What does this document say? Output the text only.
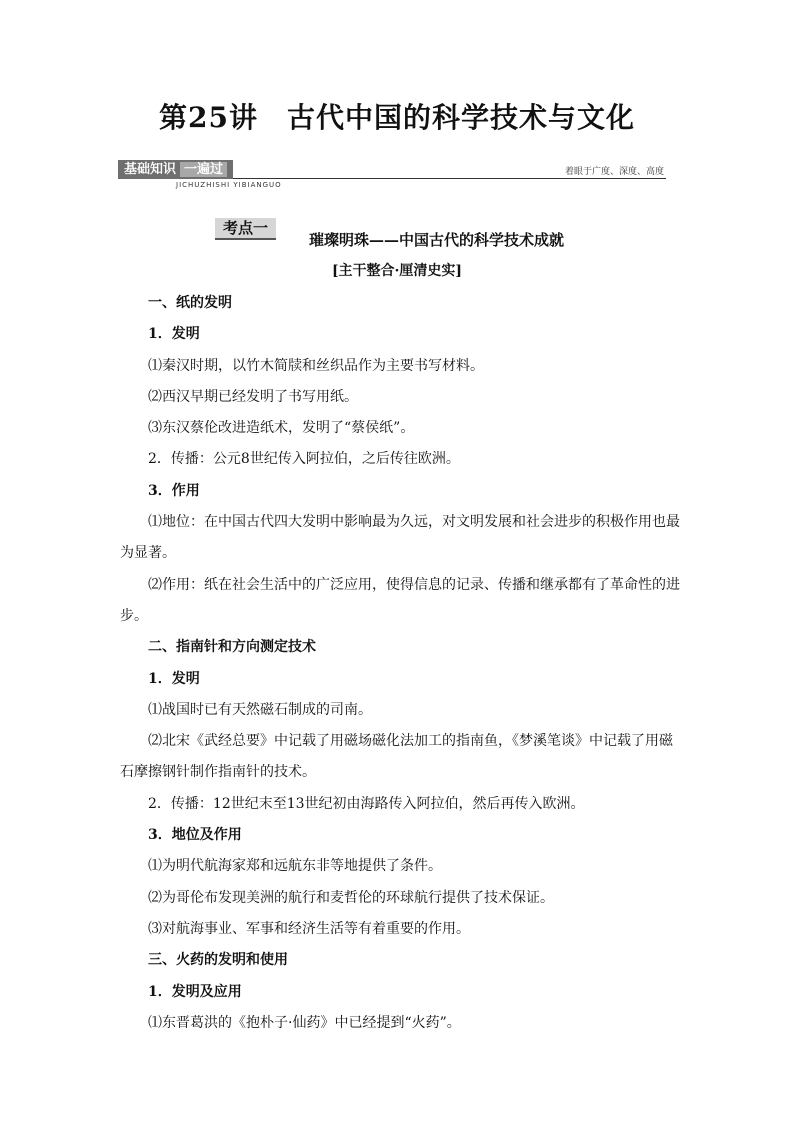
第25讲　古代中国的科学技术与文化
基础知识 一遍过
JICHUZHISHI YIBIANGUO
着眼于广度、深度、高度
考点一
璀璨明珠——中国古代的科学技术成就
[主干整合·厘清史实]

一、纸的发明

1．发明

⑴秦汉时期，以竹木简牍和丝织品作为主要书写材料。

⑵西汉早期已经发明了书写用纸。

⑶东汉蔡伦改进造纸术，发明了“蔡侯纸”。

2．传播：公元8世纪传入阿拉伯，之后传往欧洲。

3．作用

⑴地位：在中国古代四大发明中影响最为久远，对文明发展和社会进步的积极作用也最为显著。

⑵作用：纸在社会生活中的广泛应用，使得信息的记录、传播和继承都有了革命性的进步。

二、指南针和方向测定技术

1．发明

⑴战国时已有天然磁石制成的司南。

⑵北宋《武经总要》中记载了用磁场磁化法加工的指南鱼，《梦溪笔谈》中记载了用磁石摩擦钢针制作指南针的技术。

2．传播：12世纪末至13世纪初由海路传入阿拉伯，然后再传入欧洲。

3．地位及作用

⑴为明代航海家郑和远航东非等地提供了条件。

⑵为哥伦布发现美洲的航行和麦哲伦的环球航行提供了技术保证。

⑶对航海事业、军事和经济生活等有着重要的作用。

三、火药的发明和使用

1．发明及应用

⑴东晋葛洪的《抱朴子·仙药》中已经提到“火药”。
